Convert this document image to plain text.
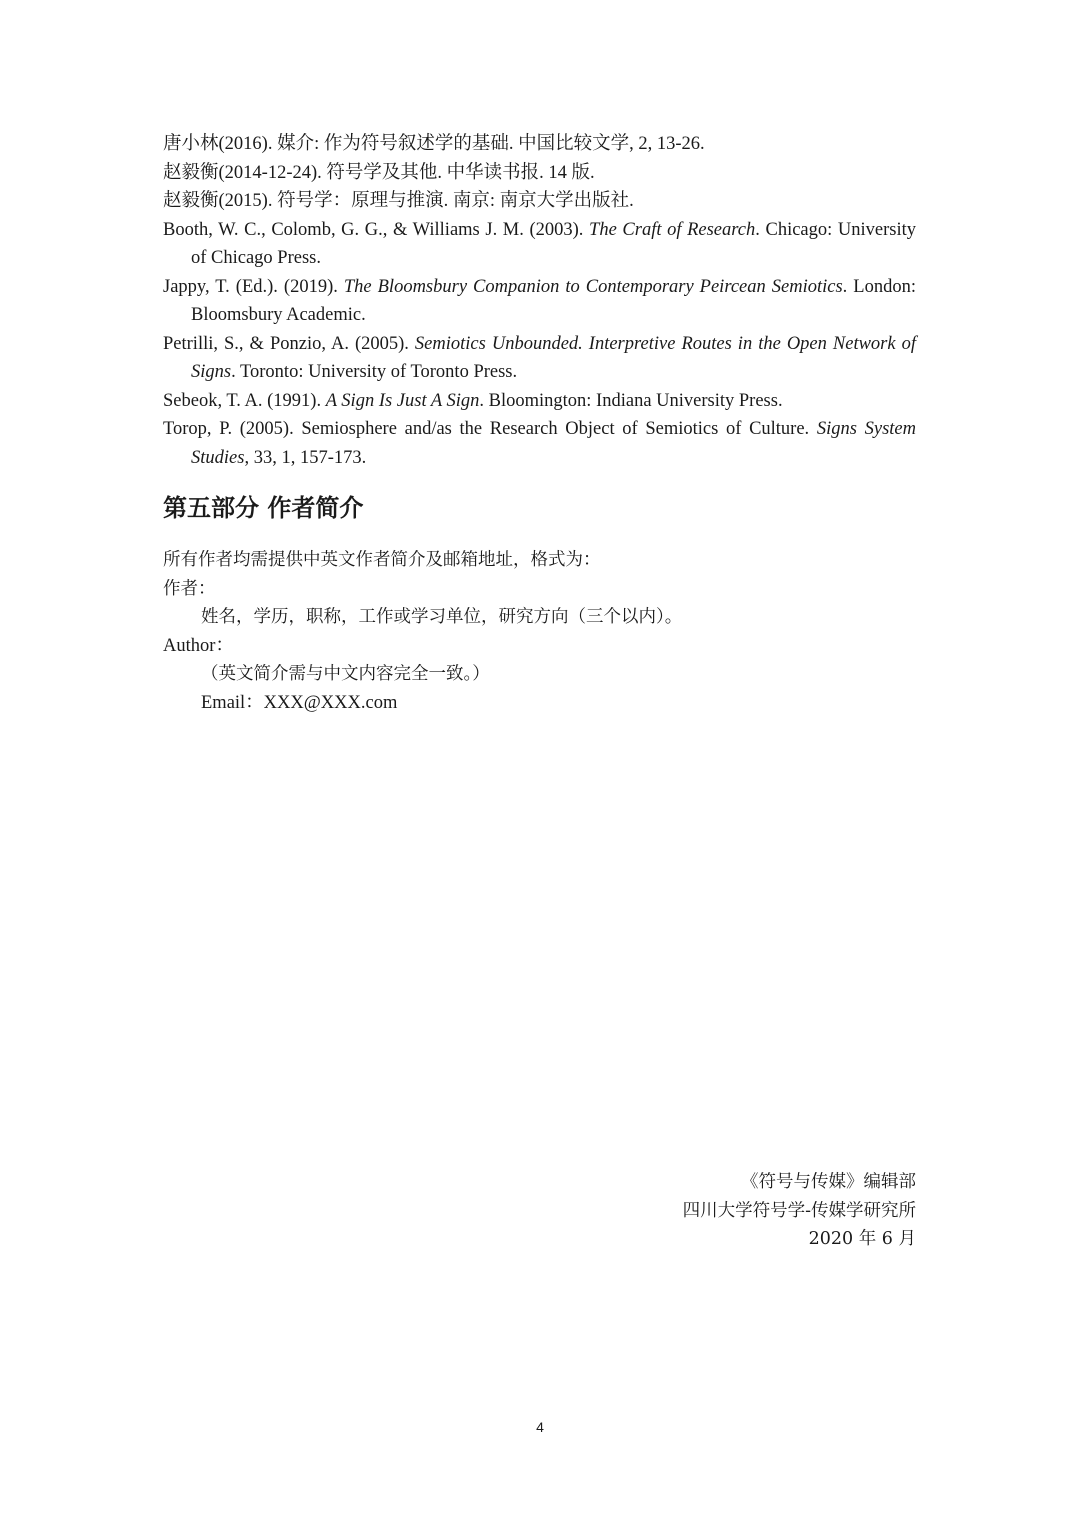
唐小林(2016). 媒介: 作为符号叙述学的基础. 中国比较文学, 2, 13-26.
赵毅衡(2014-12-24). 符号学及其他. 中华读书报. 14 版.
赵毅衡(2015). 符号学：原理与推演. 南京: 南京大学出版社.
Booth, W. C., Colomb, G. G., & Williams J. M. (2003). The Craft of Research. Chicago: University of Chicago Press.
Jappy, T. (Ed.). (2019). The Bloomsbury Companion to Contemporary Peircean Semiotics. London: Bloomsbury Academic.
Petrilli, S., & Ponzio, A. (2005). Semiotics Unbounded. Interpretive Routes in the Open Network of Signs. Toronto: University of Toronto Press.
Sebeok, T. A. (1991). A Sign Is Just A Sign. Bloomington: Indiana University Press.
Torop, P. (2005). Semiosphere and/as the Research Object of Semiotics of Culture. Signs System Studies, 33, 1, 157-173.
第五部分 作者简介

所有作者均需提供中英文作者简介及邮箱地址，格式为：

作者：

姓名，学历，职称，工作或学习单位，研究方向（三个以内）。

Author：

（英文简介需与中文内容完全一致。）

Email：XXX@XXX.com

《符号与传媒》编辑部

四川大学符号学-传媒学研究所

2020 年 6 月

4
